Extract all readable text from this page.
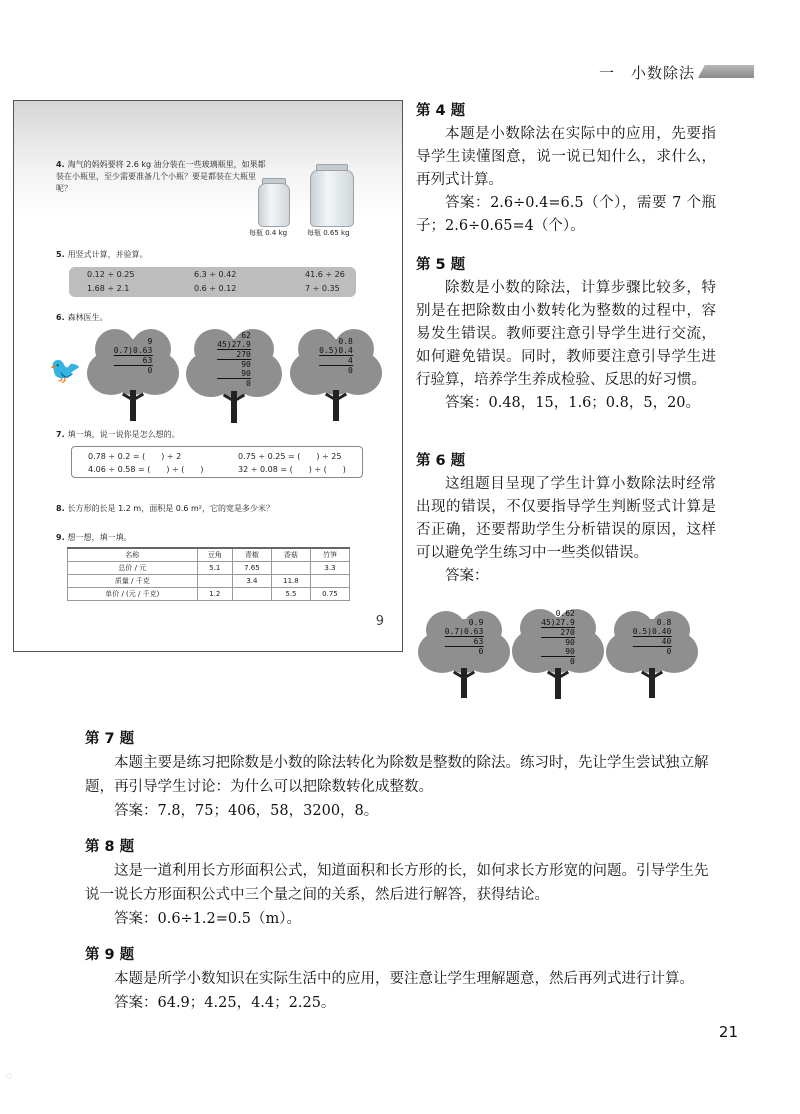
一　小数除法
4. 淘气的妈妈要将 2.6 kg 油分装在一些玻璃瓶里，如果都装在小瓶里，至少需要准备几个小瓶？要是都装在大瓶里呢？
每瓶 0.4 kg	每瓶 0.65 kg
5. 用竖式计算，并验算。
0.12 ÷ 0.25	6.3 ÷ 0.42	41.6 ÷ 26
1.68 ÷ 2.1	0.6 ÷ 0.12	7 ÷ 0.35
6. 森林医生。
🐦
9
0.7)0.63
63
0
62
45)27.9
270
90
90
0
0.8
0.5)0.4
4
0
7. 填一填，说一说你是怎么想的。
0.78 ÷ 0.2 = (　　) ÷ 2	0.75 ÷ 0.25 = (　　) ÷ 25
4.06 ÷ 0.58 = (　　) ÷ (　　)	32 ÷ 0.08 = (　　) ÷ (　　)
8. 长方形的长是 1.2 m，面积是 0.6 m²，它的宽是多少米？
9. 想一想，填一填。
名称	豆角	青椒	香菇	竹笋
总价 / 元	5.1	7.65		3.3
质量 / 千克		3.4	11.8	
单价 / (元 / 千克)	1.2		5.5	0.75
9
第 4 题

本题是小数除法在实际中的应用，先要指导学生读懂图意，说一说已知什么，求什么，再列式计算。

答案：2.6÷0.4=6.5（个），需要 7 个瓶子；2.6÷0.65=4（个）。

第 5 题

除数是小数的除法，计算步骤比较多，特别是在把除数由小数转化为整数的过程中，容易发生错误。教师要注意引导学生进行交流，如何避免错误。同时，教师要注意引导学生进行验算，培养学生养成检验、反思的好习惯。

答案：0.48，15，1.6；0.8，5，20。

第 6 题

这组题目呈现了学生计算小数除法时经常出现的错误，不仅要指导学生判断竖式计算是否正确，还要帮助学生分析错误的原因，这样可以避免学生练习中一些类似错误。

答案：

0.9
0.7)0.63
63
0
0.62
45)27.9
270
90
90
0
0.8
0.5)0.40
40
0
第 7 题

本题主要是练习把除数是小数的除法转化为除数是整数的除法。练习时，先让学生尝试独立解题，再引导学生讨论：为什么可以把除数转化成整数。

答案：7.8，75；406，58，3200，8。

第 8 题

这是一道利用长方形面积公式，知道面积和长方形的长，如何求长方形宽的问题。引导学生先说一说长方形面积公式中三个量之间的关系，然后进行解答，获得结论。

答案：0.6÷1.2=0.5（m）。

第 9 题

本题是所学小数知识在实际生活中的应用，要注意让学生理解题意，然后再列式进行计算。

答案：64.9；4.25，4.4；2.25。

21
◌
